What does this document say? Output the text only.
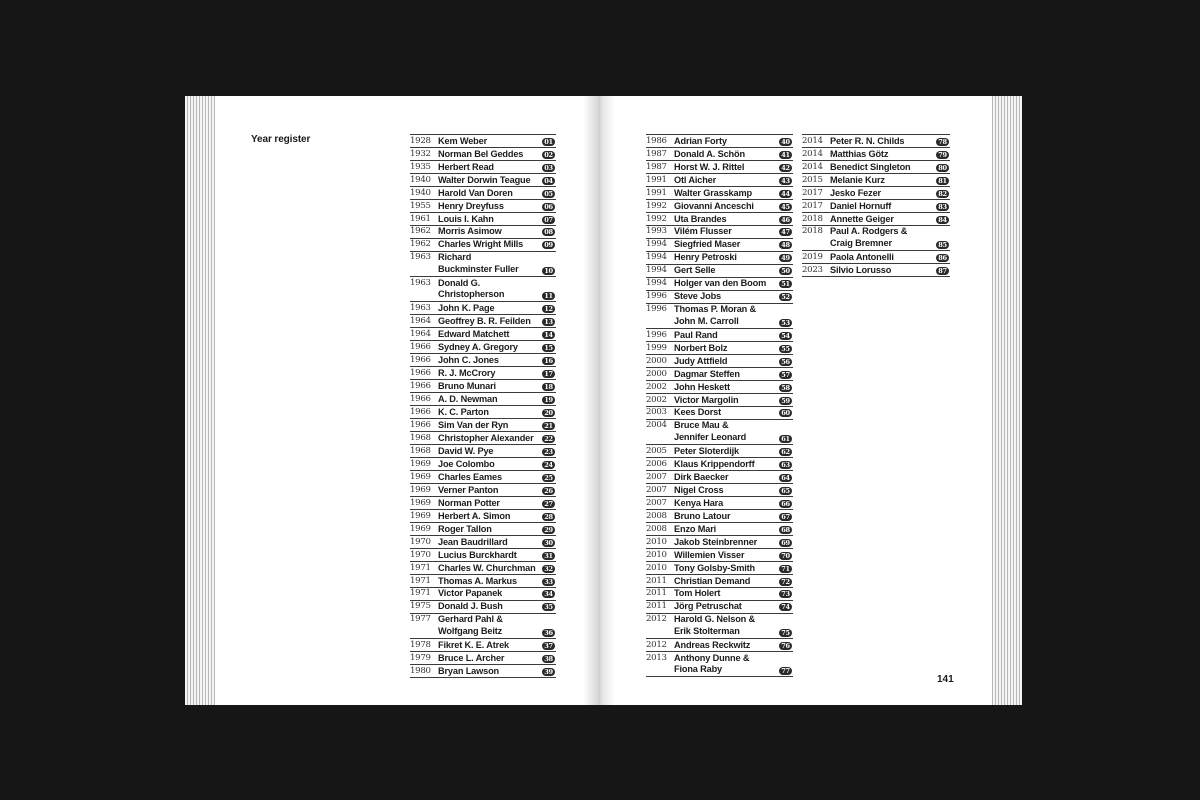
Year register
141
1928 Kem Weber	01
1932 Norman Bel Geddes	02
1935 Herbert Read	03
1940 Walter Dorwin Teague	04
1940 Harold Van Doren	05
1955 Henry Dreyfuss	06
1961 Louis I. Kahn	07
1962 Morris Asimow	08
1962 Charles Wright Mills	09
1963 Richard
Buckminster Fuller	10
1963 Donald G.
Christopherson	11
1963 John K. Page	12
1964 Geoffrey B. R. Feilden	13
1964 Edward Matchett	14
1966 Sydney A. Gregory	15
1966 John C. Jones	16
1966 R. J. McCrory	17
1966 Bruno Munari	18
1966 A. D. Newman	19
1966 K. C. Parton	20
1966 Sim Van der Ryn	21
1968 Christopher Alexander	22
1968 David W. Pye	23
1969 Joe Colombo	24
1969 Charles Eames	25
1969 Verner Panton	26
1969 Norman Potter	27
1969 Herbert A. Simon	28
1969 Roger Tallon	29
1970 Jean Baudrillard	30
1970 Lucius Burckhardt	31
1971 Charles W. Churchman	32
1971 Thomas A. Markus	33
1971 Victor Papanek	34
1975 Donald J. Bush	35
1977 Gerhard Pahl &
Wolfgang Beitz	36
1978 Fikret K. E. Atrek	37
1979 Bruce L. Archer	38
1980 Bryan Lawson	39
1986 Adrian Forty	40
1987 Donald A. Schön	41
1987 Horst W. J. Rittel	42
1991 Otl Aicher	43
1991 Walter Grasskamp	44
1992 Giovanni Anceschi	45
1992 Uta Brandes	46
1993 Vilém Flusser	47
1994 Siegfried Maser	48
1994 Henry Petroski	49
1994 Gert Selle	50
1994 Holger van den Boom	51
1996 Steve Jobs	52
1996 Thomas P. Moran &
John M. Carroll	53
1996 Paul Rand	54
1999 Norbert Bolz	55
2000 Judy Attfield	56
2000 Dagmar Steffen	57
2002 John Heskett	58
2002 Victor Margolin	59
2003 Kees Dorst	60
2004 Bruce Mau &
Jennifer Leonard	61
2005 Peter Sloterdijk	62
2006 Klaus Krippendorff	63
2007 Dirk Baecker	64
2007 Nigel Cross	65
2007 Kenya Hara	66
2008 Bruno Latour	67
2008 Enzo Mari	68
2010 Jakob Steinbrenner	69
2010 Willemien Visser	70
2010 Tony Golsby-Smith	71
2011 Christian Demand	72
2011 Tom Holert	73
2011 Jörg Petruschat	74
2012 Harold G. Nelson &
Erik Stolterman	75
2012 Andreas Reckwitz	76
2013 Anthony Dunne &
Fiona Raby	77
2014 Peter R. N. Childs	78
2014 Matthias Götz	79
2014 Benedict Singleton	80
2015 Melanie Kurz	81
2017 Jesko Fezer	82
2017 Daniel Hornuff	83
2018 Annette Geiger	84
2018 Paul A. Rodgers &
Craig Bremner	85
2019 Paola Antonelli	86
2023 Silvio Lorusso	87
